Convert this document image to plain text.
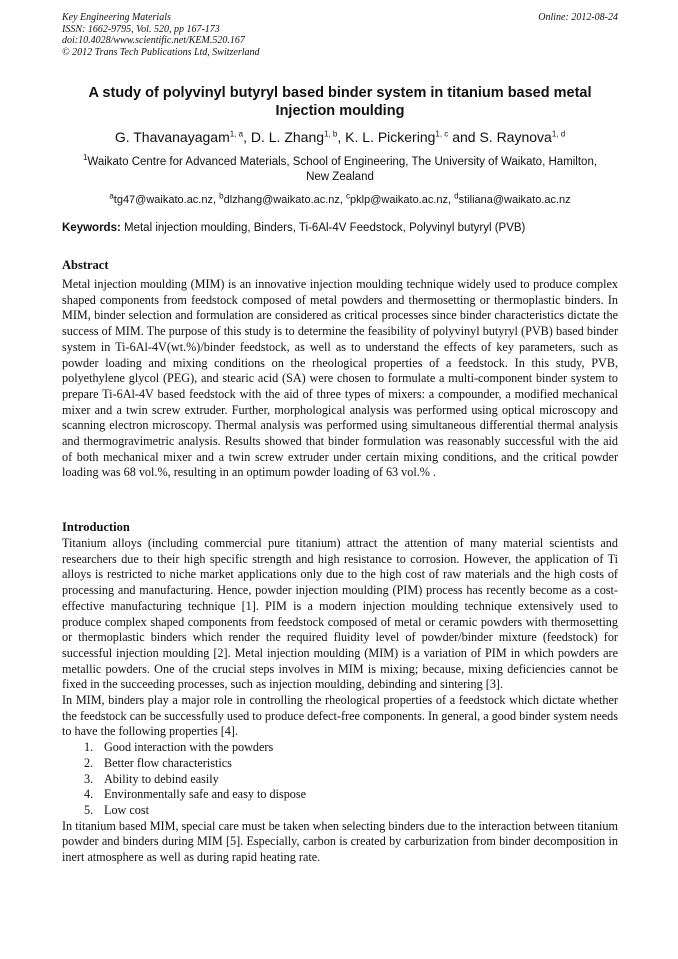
Key Engineering Materials
ISSN: 1662-9795, Vol. 520, pp 167-173
doi:10.4028/www.scientific.net/KEM.520.167
© 2012 Trans Tech Publications Ltd, Switzerland
Online: 2012-08-24
A study of polyvinyl butyryl based binder system in titanium based metal Injection moulding
G. Thavanayagam$^{1, a}$, D. L. Zhang$^{1, b}$, K. L. Pickering$^{1, c}$ and S. Raynova$^{1, d}$
$^1$Waikato Centre for Advanced Materials, School of Engineering, The University of Waikato, Hamilton, New Zealand
$^a$tg47@waikato.ac.nz, $^b$dlzhang@waikato.ac.nz, $^c$pklp@waikato.ac.nz, $^d$stiliana@waikato.ac.nz
Keywords: Metal injection moulding, Binders, Ti-6Al-4V Feedstock, Polyvinyl butyryl (PVB)
Abstract
Metal injection moulding (MIM) is an innovative injection moulding technique widely used to produce complex shaped components from feedstock composed of metal powders and thermosetting or thermoplastic binders. In MIM, binder selection and formulation are considered as critical processes since binder characteristics dictate the success of MIM. The purpose of this study is to determine the feasibility of polyvinyl butyryl (PVB) based binder system in Ti-6Al-4V(wt.%)/binder feedstock, as well as to understand the effects of key parameters, such as powder loading and mixing conditions on the rheological properties of a feedstock. In this study, PVB, polyethylene glycol (PEG), and stearic acid (SA) were chosen to formulate a multi-component binder system to prepare Ti-6Al-4V based feedstock with the aid of three types of mixers: a compounder, a modified mechanical mixer and a twin screw extruder. Further, morphological analysis was performed using optical microscopy and scanning electron microscopy. Thermal analysis was performed using simultaneous differential thermal analysis and thermogravimetric analysis. Results showed that binder formulation was reasonably successful with the aid of both mechanical mixer and a twin screw extruder under certain mixing conditions, and the critical powder loading was 68 vol.%, resulting in an optimum powder loading of 63 vol.% .
Introduction

Titanium alloys (including commercial pure titanium) attract the attention of many material scientists and researchers due to their high specific strength and high resistance to corrosion. However, the application of Ti alloys is restricted to niche market applications only due to the high cost of raw materials and the high costs of processing and manufacturing. Hence, powder injection moulding (PIM) process has recently become as a cost-effective manufacturing technique [1]. PIM is a modern injection moulding technique extensively used to produce complex shaped components from feedstock composed of metal or ceramic powders with thermosetting or thermoplastic binders which render the required fluidity level of powder/binder mixture (feedstock) for successful injection moulding [2]. Metal injection moulding (MIM) is a variation of PIM in which powders are metallic powders. One of the crucial steps involves in MIM is mixing; because, mixing deficiencies cannot be fixed in the succeeding processes, such as injection moulding, debinding and sintering [3].

In MIM, binders play a major role in controlling the rheological properties of a feedstock which dictate whether the feedstock can be successfully used to produce defect-free components. In general, a good binder system needs to have the following properties [4].

1. Good interaction with the powders
2. Better flow characteristics
3. Ability to debind easily
4. Environmentally safe and easy to dispose
5. Low cost

In titanium based MIM, special care must be taken when selecting binders due to the interaction between titanium powder and binders during MIM [5]. Especially, carbon is created by carburization from binder decomposition in inert atmosphere as well as during rapid heating rate.
